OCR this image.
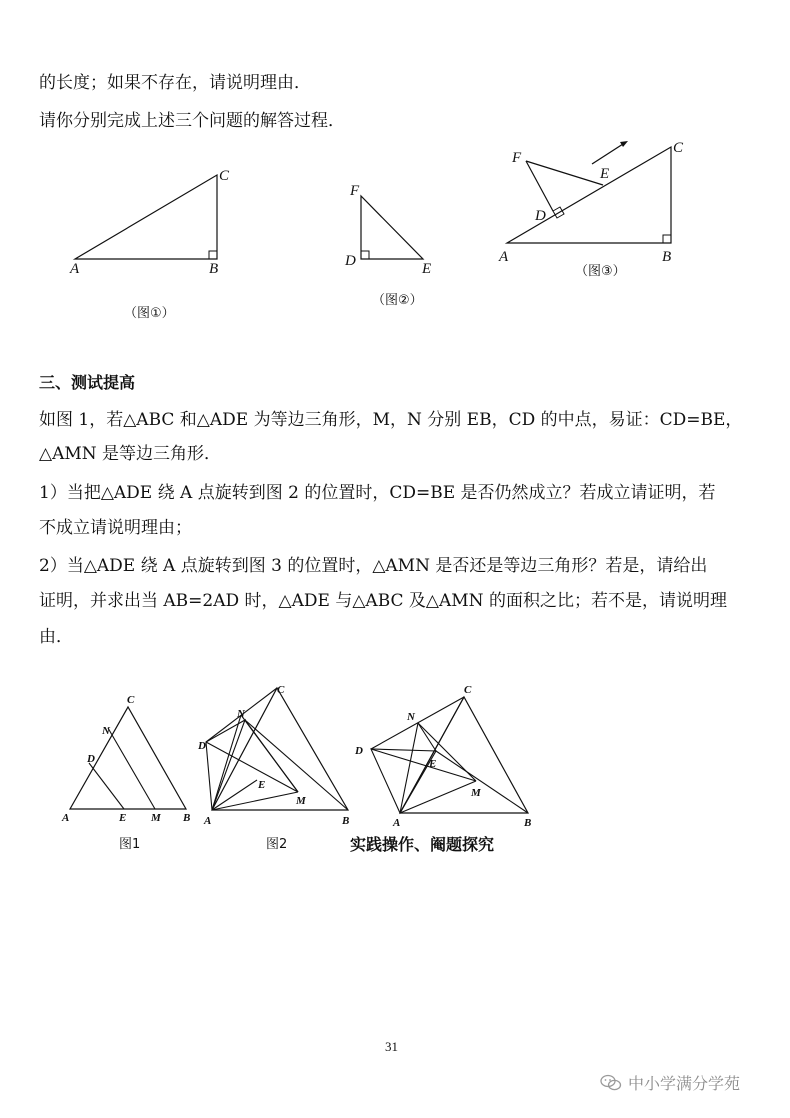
的长度；如果不存在，请说明理由．
请你分别完成上述三个问题的解答过程．
A	B
C
（图①）
F
D	E
（图②）
F
E
D
A	B
C
（图③）
三、测试提高
如图 1，若△ABC 和△ADE 为等边三角形，M，N 分别 EB，CD 的中点，易证：CD=BE，
△AMN 是等边三角形．
1）当把△ADE 绕 A 点旋转到图 2 的位置时，CD=BE 是否仍然成立？若成立请证明，若
不成立请说明理由；
2）当△ADE 绕 A 点旋转到图 3 的位置时，△AMN 是否还是等边三角形？若是，请给出
证明，并求出当 AB=2AD 时，△ADE 与△ABC 及△AMN 的面积之比；若不是，请说明理
由．
C
N
D
A	E M B
图1
C
N
D
E
M
A	B
图2
C
N
D
E
M
A	B
实践操作、阉题探究
31
中小学满分学苑
